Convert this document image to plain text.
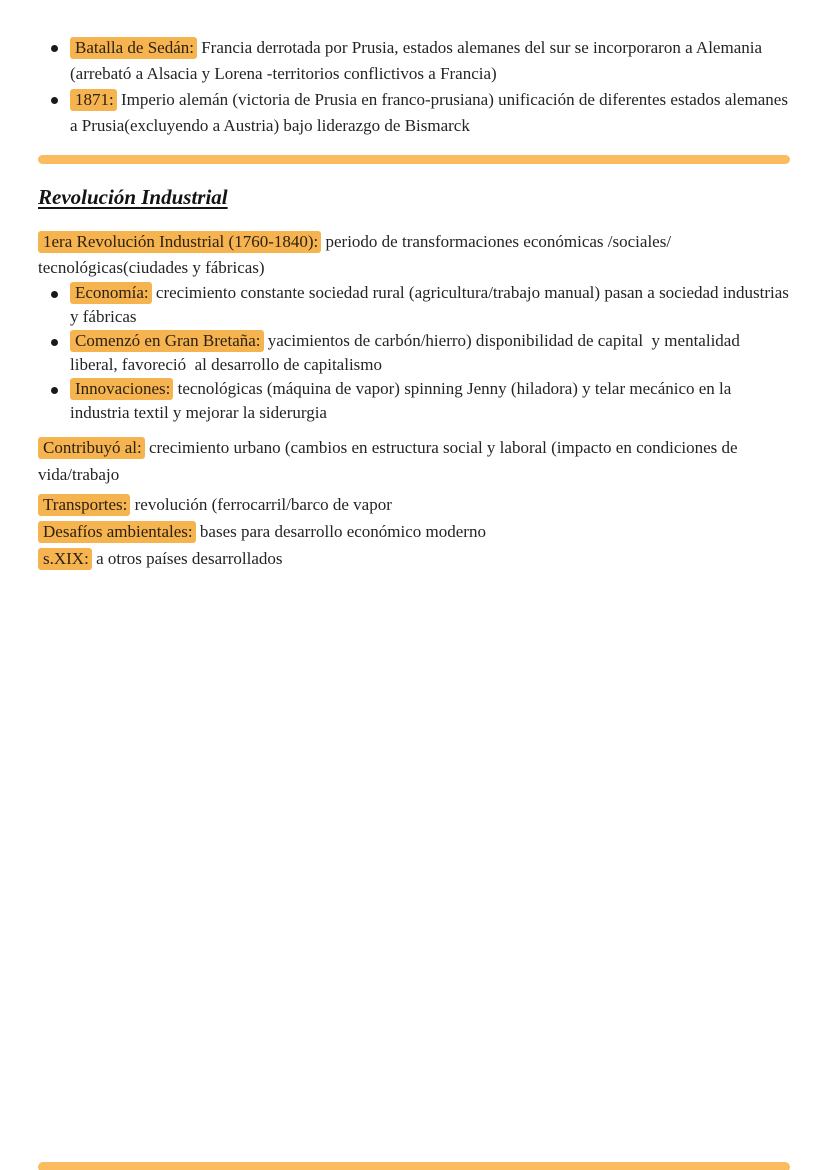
Batalla de Sedán: Francia derrotada por Prusia, estados alemanes del sur se incorporaron a Alemania (arrebató a Alsacia y Lorena -territorios conflictivos a Francia)
1871: Imperio alemán (victoria de Prusia en franco-prusiana) unificación de diferentes estados alemanes a Prusia(excluyendo a Austria) bajo liderazgo de Bismarck
Revolución Industrial

1era Revolución Industrial (1760-1840): periodo de transformaciones económicas /sociales/ tecnológicas(ciudades y fábricas)

Economía: crecimiento constante sociedad rural (agricultura/trabajo manual) pasan a sociedad industrias y fábricas
Comenzó en Gran Bretaña: yacimientos de carbón/hierro) disponibilidad de capital  y mentalidad liberal, favoreció  al desarrollo de capitalismo
Innovaciones: tecnológicas (máquina de vapor) spinning Jenny (hiladora) y telar mecánico en la industria textil y mejorar la siderurgia

Contribuyó al: crecimiento urbano (cambios en estructura social y laboral (impacto en condiciones de vida/trabajo

Transportes: revolución (ferrocarril/barco de vapor
Desafíos ambientales: bases para desarrollo económico moderno
s.XIX: a otros países desarrollados
